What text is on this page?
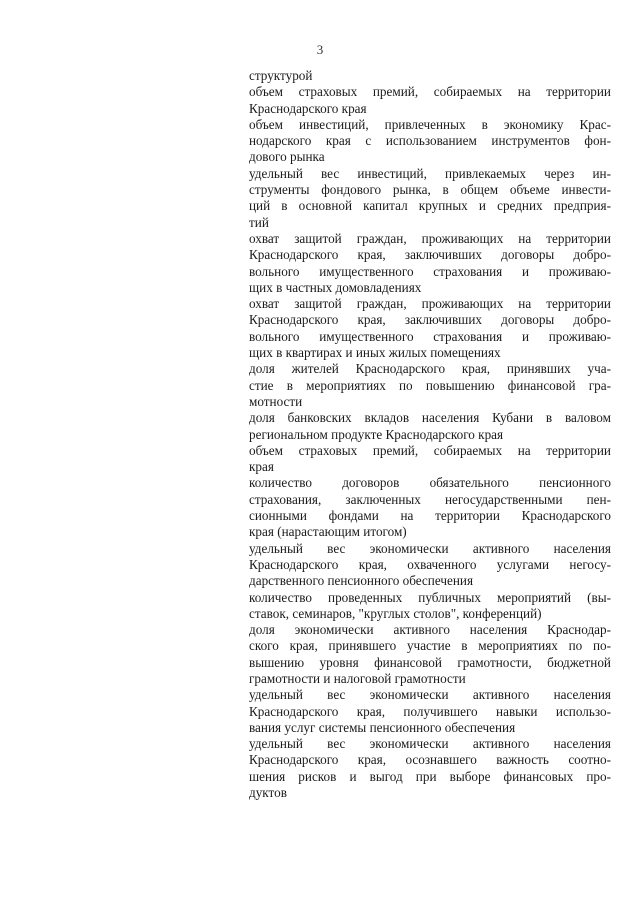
3
структурой
объем страховых премий, собираемых на территории
Краснодарского края
объем инвестиций, привлеченных в экономику Крас-
нодарского края с использованием инструментов фон-
дового рынка
удельный вес инвестиций, привлекаемых через ин-
струменты фондового рынка, в общем объеме инвести-
ций в основной капитал крупных и средних предприя-
тий
охват защитой граждан, проживающих на территории
Краснодарского края, заключивших договоры добро-
вольного имущественного страхования и проживаю-
щих в частных домовладениях
охват защитой граждан, проживающих на территории
Краснодарского края, заключивших договоры добро-
вольного имущественного страхования и проживаю-
щих в квартирах и иных жилых помещениях
доля жителей Краснодарского края, принявших уча-
стие в мероприятиях по повышению финансовой гра-
мотности
доля банковских вкладов населения Кубани в валовом
региональном продукте Краснодарского края
объем страховых премий, собираемых на территории
края
количество договоров обязательного пенсионного
страхования, заключенных негосударственными пен-
сионными фондами на территории Краснодарского
края (нарастающим итогом)
удельный вес экономически активного населения
Краснодарского края, охваченного услугами негосу-
дарственного пенсионного обеспечения
количество проведенных публичных мероприятий (вы-
ставок, семинаров, "круглых столов", конференций)
доля экономически активного населения Краснодар-
ского края, принявшего участие в мероприятиях по по-
вышению уровня финансовой грамотности, бюджетной
грамотности и налоговой грамотности
удельный вес экономически активного населения
Краснодарского края, получившего навыки использо-
вания услуг системы пенсионного обеспечения
удельный вес экономически активного населения
Краснодарского края, осознавшего важность соотно-
шения рисков и выгод при выборе финансовых про-
дуктов
